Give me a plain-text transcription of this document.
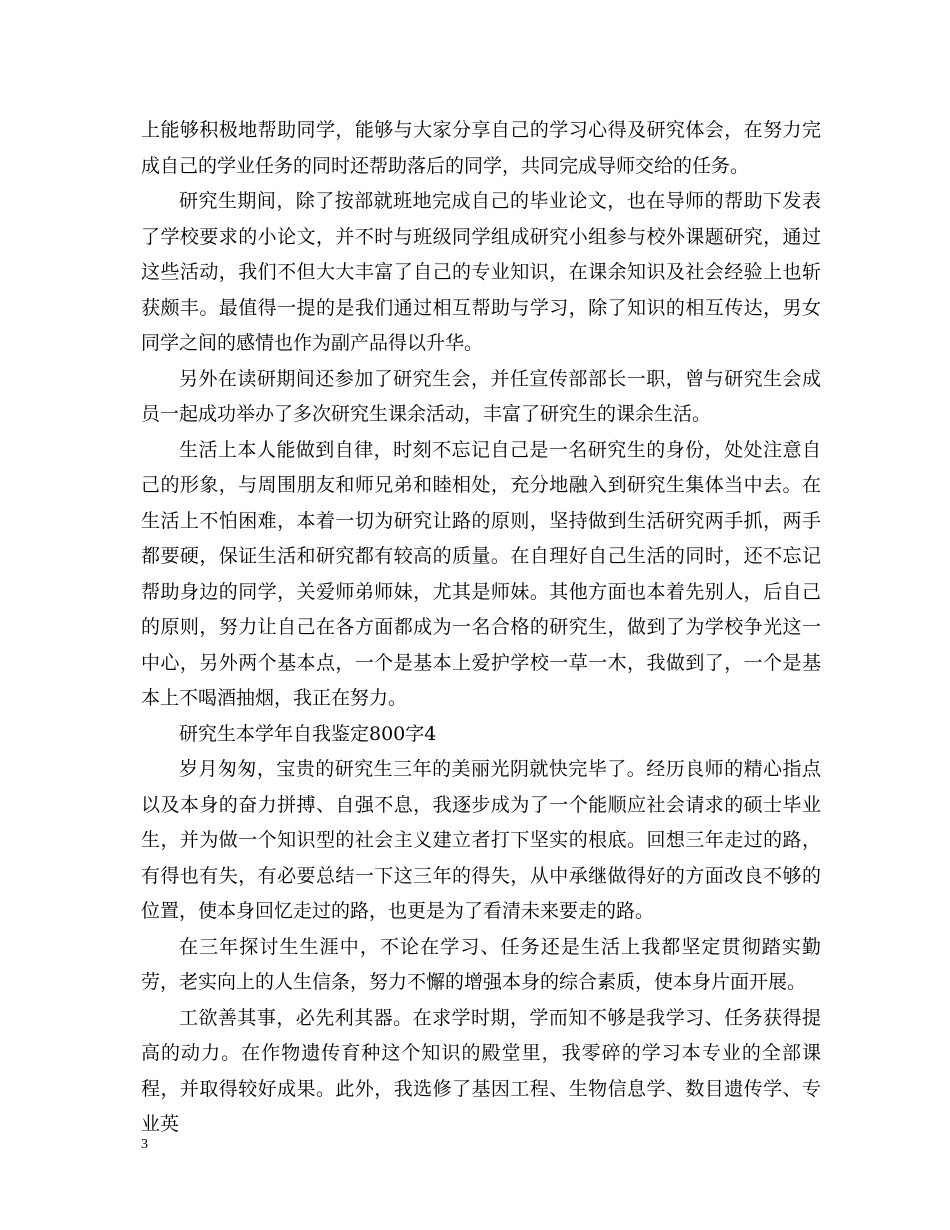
上能够积极地帮助同学，能够与大家分享自己的学习心得及研究体会，在努力完成自己的学业任务的同时还帮助落后的同学，共同完成导师交给的任务。

研究生期间，除了按部就班地完成自己的毕业论文，也在导师的帮助下发表了学校要求的小论文，并不时与班级同学组成研究小组参与校外课题研究，通过这些活动，我们不但大大丰富了自己的专业知识，在课余知识及社会经验上也斩获颇丰。最值得一提的是我们通过相互帮助与学习，除了知识的相互传达，男女同学之间的感情也作为副产品得以升华。

另外在读研期间还参加了研究生会，并任宣传部部长一职，曾与研究生会成员一起成功举办了多次研究生课余活动，丰富了研究生的课余生活。

生活上本人能做到自律，时刻不忘记自己是一名研究生的身份，处处注意自己的形象，与周围朋友和师兄弟和睦相处，充分地融入到研究生集体当中去。在生活上不怕困难，本着一切为研究让路的原则，坚持做到生活研究两手抓，两手都要硬，保证生活和研究都有较高的质量。在自理好自己生活的同时，还不忘记帮助身边的同学，关爱师弟师妹，尤其是师妹。其他方面也本着先别人，后自己的原则，努力让自己在各方面都成为一名合格的研究生，做到了为学校争光这一中心，另外两个基本点，一个是基本上爱护学校一草一木，我做到了，一个是基本上不喝酒抽烟，我正在努力。

研究生本学年自我鉴定800字4

岁月匆匆，宝贵的研究生三年的美丽光阴就快完毕了。经历良师的精心指点以及本身的奋力拼搏、自强不息，我逐步成为了一个能顺应社会请求的硕士毕业生，并为做一个知识型的社会主义建立者打下坚实的根底。回想三年走过的路，有得也有失，有必要总结一下这三年的得失，从中承继做得好的方面改良不够的位置，使本身回忆走过的路，也更是为了看清未来要走的路。

在三年探讨生生涯中，不论在学习、任务还是生活上我都坚定贯彻踏实勤劳，老实向上的人生信条，努力不懈的增强本身的综合素质，使本身片面开展。

工欲善其事，必先利其器。在求学时期，学而知不够是我学习、任务获得提高的动力。在作物遗传育种这个知识的殿堂里，我零碎的学习本专业的全部课程，并取得较好成果。此外，我选修了基因工程、生物信息学、数目遗传学、专业英

3
